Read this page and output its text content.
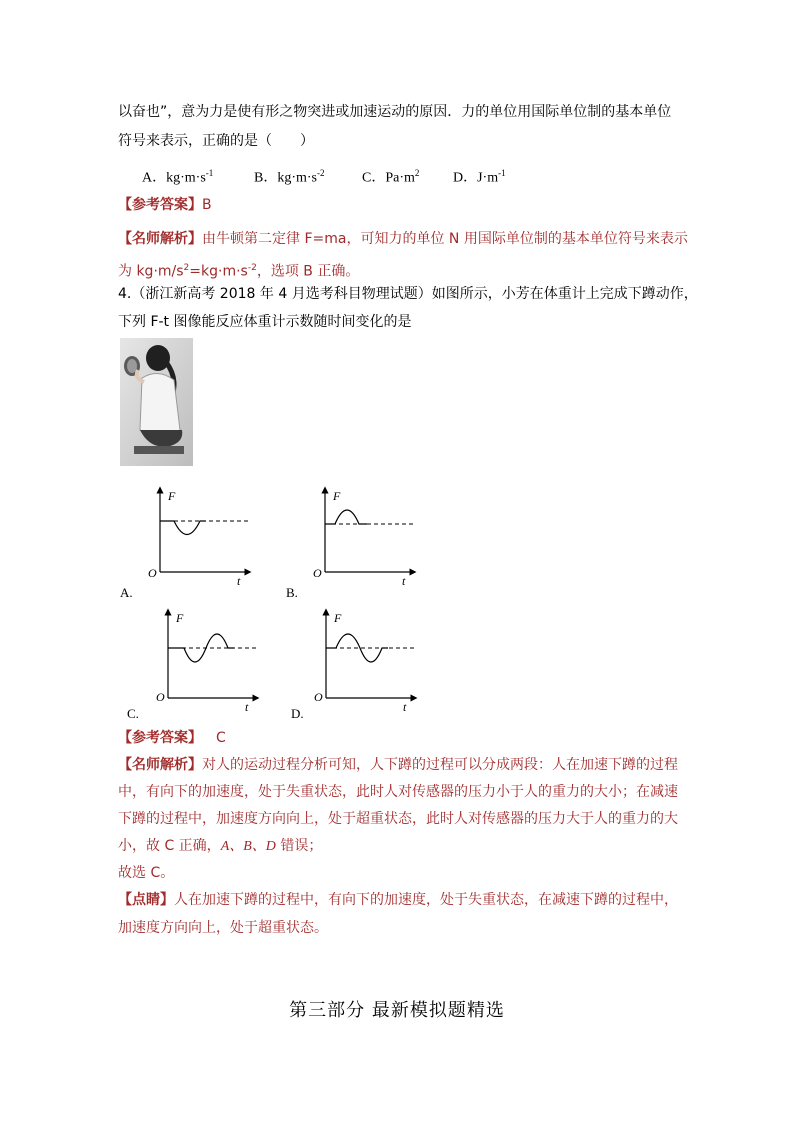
以奋也”，意为力是使有形之物突进或加速运动的原因．力的单位用国际单位制的基本单位
符号来表示，正确的是（　　）
A．$kg\cdot m\cdot s^{-1}$	B．$kg\cdot m\cdot s^{-2}$	C．$Pa\cdot m^2$ D．$J\cdot m^{-1}$
【参考答案】B
【名师解析】由牛顿第二定律 F=ma，可知力的单位 N 用国际单位制的基本单位符号来表示
为 $kg\cdot m/s^2=kg\cdot m\cdot s^{-2}$，选项 B 正确。
4.（浙江新高考 2018 年 4 月选考科目物理试题）如图所示，小芳在体重计上完成下蹲动作，
下列 F-t 图像能反应体重计示数随时间变化的是
F
t
O
A.
F
t
O
B.
F
t
O
C.
F
t
O
D.
【参考答案】 C
【名师解析】对人的运动过程分析可知，人下蹲的过程可以分成两段：人在加速下蹲的过程
中，有向下的加速度，处于失重状态，此时人对传感器的压力小于人的重力的大小；在减速
下蹲的过程中，加速度方向向上，处于超重状态，此时人对传感器的压力大于人的重力的大
小，故 C 正确，A、B、D 错误；
故选 C。
【点睛】人在加速下蹲的过程中，有向下的加速度，处于失重状态，在减速下蹲的过程中，
加速度方向向上，处于超重状态。
第三部分 最新模拟题精选
